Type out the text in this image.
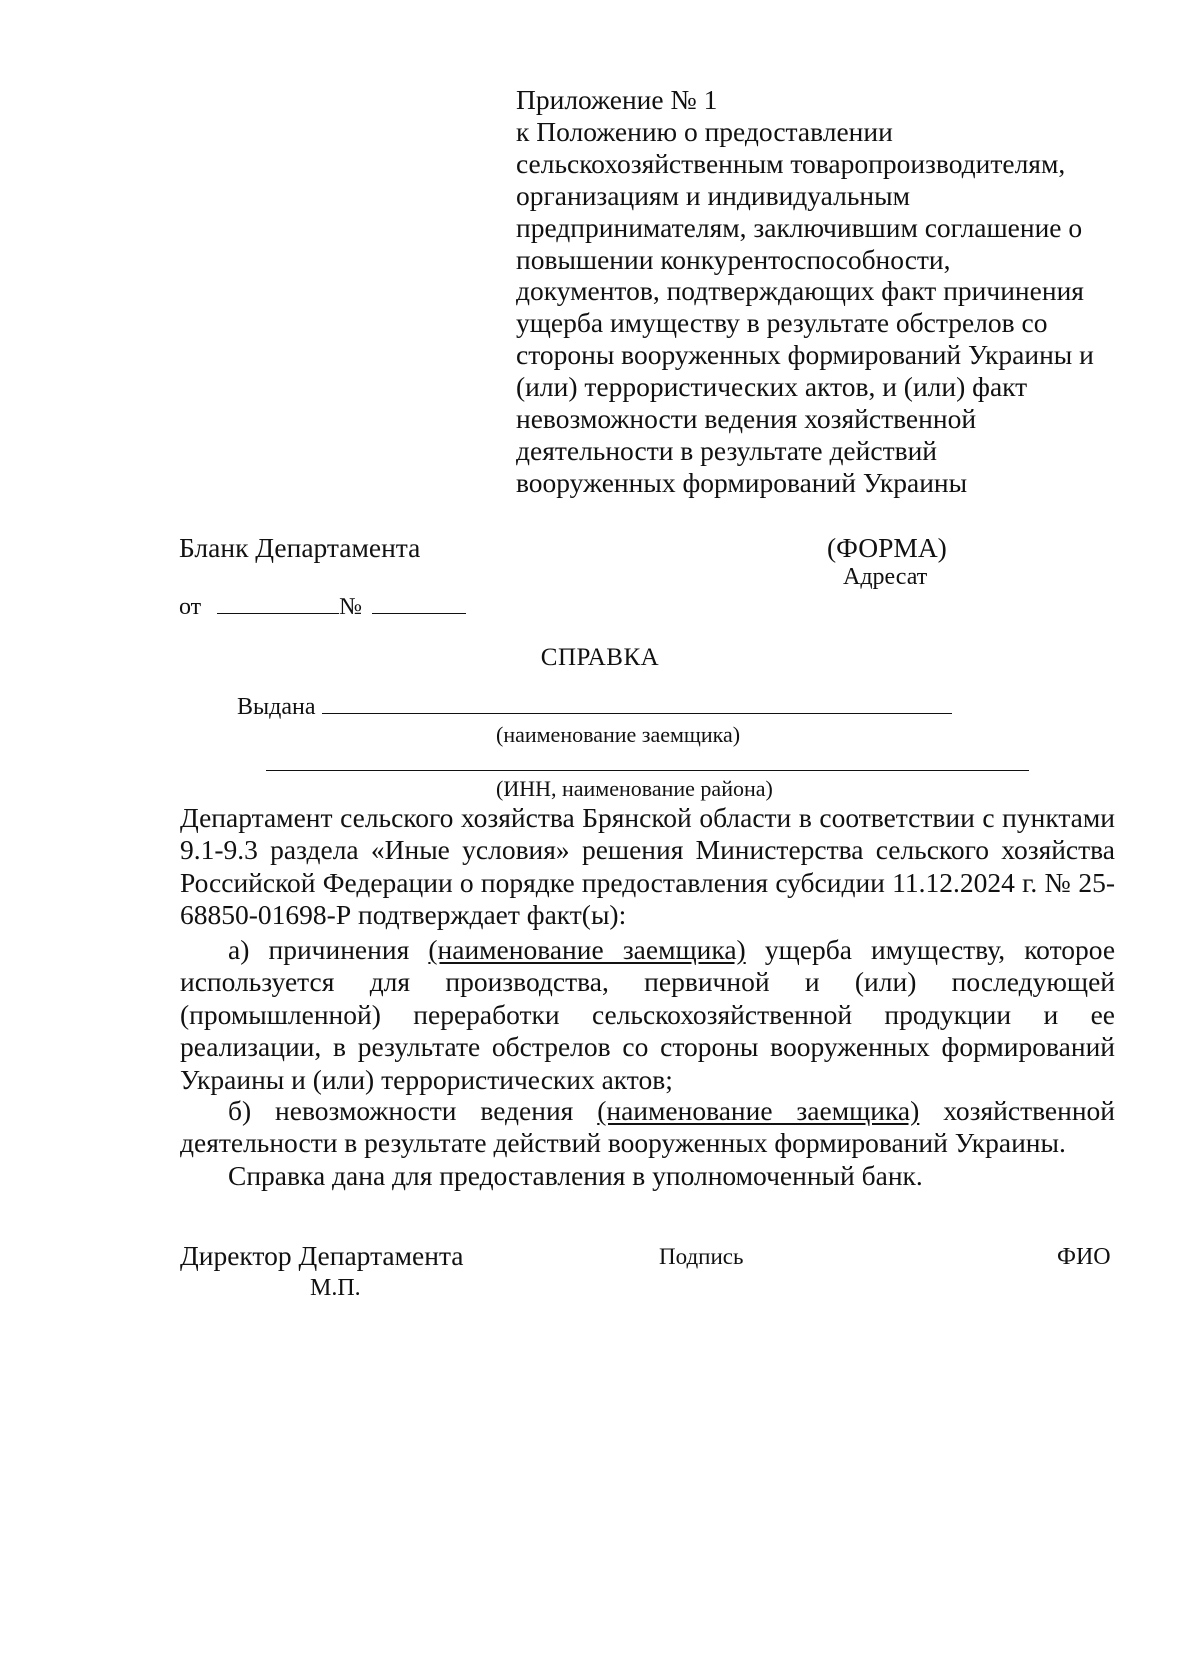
Приложение № 1
к Положению о предоставлении
сельскохозяйственным товаропроизводителям,
организациям и индивидуальным
предпринимателям, заключившим соглашение о
повышении конкурентоспособности,
документов, подтверждающих факт причинения
ущерба имуществу в результате обстрелов со
стороны вооруженных формирований Украины и
(или) террористических актов, и (или) факт
невозможности ведения хозяйственной
деятельности в результате действий
вооруженных формирований Украины
Бланк Департамента	(ФОРМА)
Адресат
от	№
СПРАВКА
Выдана
(наименование заемщика)
(ИНН, наименование района)
Департамент сельского хозяйства Брянской области в соответствии с пунктами 9.1-9.3 раздела «Иные условия» решения Министерства сельского хозяйства Российской Федерации о порядке предоставления субсидии 11.12.2024 г. № 25-68850-01698-Р подтверждает факт(ы):
а) причинения (наименование заемщика) ущерба имуществу, которое используется для производства, первичной и (или) последующей (промышленной) переработки сельскохозяйственной продукции и ее реализации, в результате обстрелов со стороны вооруженных формирований Украины и (или) террористических актов;
б) невозможности ведения (наименование заемщика) хозяйственной деятельности в результате действий вооруженных формирований Украины.
Справка дана для предоставления в уполномоченный банк.
Директор Департамента
М.П.
Подпись	ФИО
